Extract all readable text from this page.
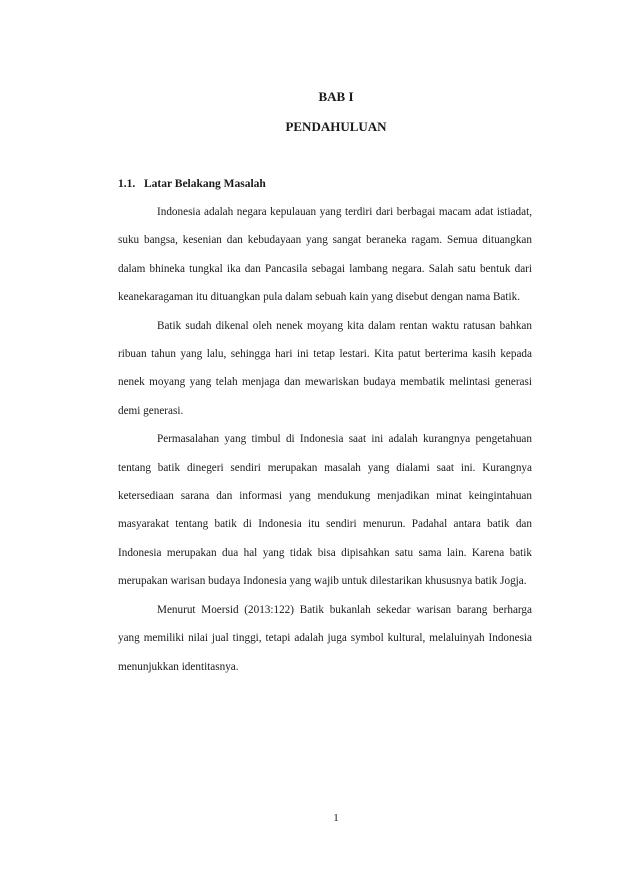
BAB I
PENDAHULUAN
1.1. Latar Belakang Masalah

Indonesia adalah negara kepulauan yang terdiri dari berbagai macam adat istiadat, suku bangsa, kesenian dan kebudayaan yang sangat beraneka ragam. Semua dituangkan dalam bhineka tungkal ika dan Pancasila sebagai lambang negara. Salah satu bentuk dari keanekaragaman itu dituangkan pula dalam sebuah kain yang disebut dengan nama Batik.

Batik sudah dikenal oleh nenek moyang kita dalam rentan waktu ratusan bahkan ribuan tahun yang lalu, sehingga hari ini tetap lestari. Kita patut berterima kasih kepada nenek moyang yang telah menjaga dan mewariskan budaya membatik melintasi generasi demi generasi.

Permasalahan yang timbul di Indonesia saat ini adalah kurangnya pengetahuan tentang batik dinegeri sendiri merupakan masalah yang dialami saat ini. Kurangnya ketersediaan sarana dan informasi yang mendukung menjadikan minat keingintahuan masyarakat tentang batik di Indonesia itu sendiri menurun. Padahal antara batik dan Indonesia merupakan dua hal yang tidak bisa dipisahkan satu sama lain. Karena batik merupakan warisan budaya Indonesia yang wajib untuk dilestarikan khususnya batik Jogja.

Menurut Moersid (2013:122) Batik bukanlah sekedar warisan barang berharga yang memiliki nilai jual tinggi, tetapi adalah juga symbol kultural, melaluinyah Indonesia menunjukkan identitasnya.

1
